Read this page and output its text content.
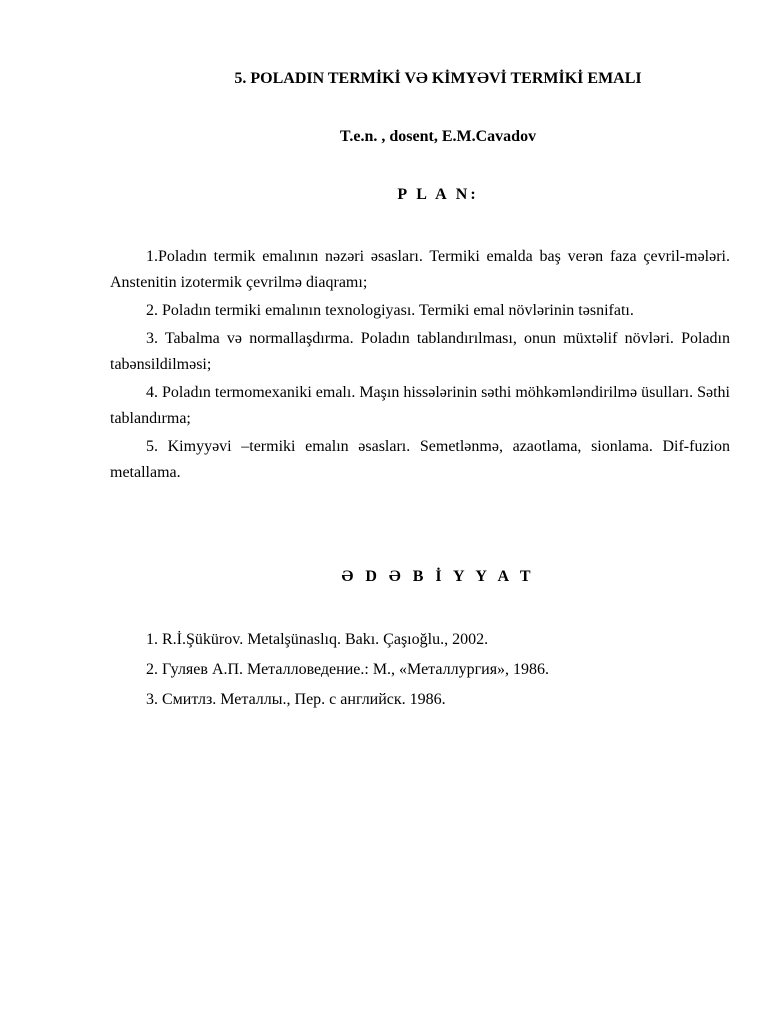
5. POLADIN TERMİKİ VƏ KİMYƏVİ TERMİKİ EMALI
T.e.n. , dosent, E.M.Cavadov
P L A N:
1.Poladın termik emalının nəzəri əsasları. Termiki emalda baş verən faza çevril-mələri. Anstenitin izotermik çevrilmə diaqramı;
2. Poladın termiki emalının texnologiyası. Termiki emal növlərinin təsnifatı.
3. Tabalma və normallaşdırma. Poladın tablandırılması, onun müxtəlif növləri. Poladın tabənsildilməsi;
4. Poladın termomexaniki emalı. Maşın hissələrinin səthi möhkəmləndirilmə üsulları. Səthi tablandırma;
5. Kimyyəvi –termiki emalın əsasları. Semetlənmə, azaotlama, sionlama. Dif-fuzion metallama.
Ə D Ə B İ Y Y A T
1. R.İ.Şükürov. Metalşünaslıq. Bakı. Çaşıoğlu., 2002.
2. Гуляев А.П. Металловедение.: М., «Металлургия», 1986.
3. Смитлз. Металлы., Пер. с английск. 1986.
